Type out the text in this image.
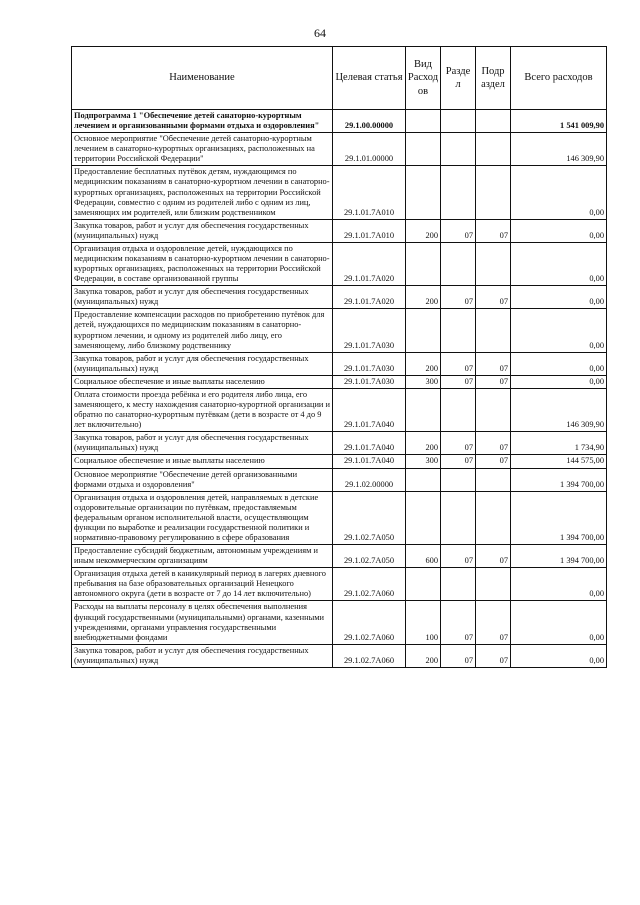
64
Наименование	Целевая статья	Вид Расход ов	Разде л	Подр аздел	Всего расходов
Подпрограмма 1 "Обеспечение детей санаторно-курортным лечением и организованными формами отдыха и оздоровления"	29.1.00.00000				1 541 009,90
Основное мероприятие "Обеспечение детей санаторно-курортным лечением в санаторно-курортных организациях, расположенных на территории Российской Федерации"	29.1.01.00000				146 309,90
Предоставление бесплатных путёвок детям, нуждающимся по медицинским показаниям в санаторно-курортном лечении в санаторно-курортных организациях, расположенных на территории Российской Федерации, совместно с одним из родителей либо с одним из лиц, заменяющих им родителей, или близким родственником	29.1.01.7А010				0,00
Закупка товаров, работ и услуг для обеспечения государственных (муниципальных) нужд	29.1.01.7А010	200	07	07	0,00
Организация отдыха и оздоровление детей, нуждающихся по медицинским показаниям в санаторно-курортном лечении в санаторно-курортных организациях, расположенных на территории Российской Федерации, в составе организованной группы	29.1.01.7А020				0,00
Закупка товаров, работ и услуг для обеспечения государственных (муниципальных) нужд	29.1.01.7А020	200	07	07	0,00
Предоставление компенсации расходов по приобретению путёвок для детей, нуждающихся по медицинским показаниям в санаторно-курортном лечении, и одному из родителей либо лицу, его заменяющему, либо близкому родственнику	29.1.01.7А030				0,00
Закупка товаров, работ и услуг для обеспечения государственных (муниципальных) нужд	29.1.01.7А030	200	07	07	0,00
Социальное обеспечение и иные выплаты населению	29.1.01.7А030	300	07	07	0,00
Оплата стоимости проезда ребёнка и его родителя либо лица, его заменяющего, к месту нахождения санаторно-курортной организации и обратно по санаторно-курортным путёвкам (дети в возрасте от 4 до 9 лет включительно)	29.1.01.7А040				146 309,90
Закупка товаров, работ и услуг для обеспечения государственных (муниципальных) нужд	29.1.01.7А040	200	07	07	1 734,90
Социальное обеспечение и иные выплаты населению	29.1.01.7А040	300	07	07	144 575,00
Основное мероприятие "Обеспечение детей организованными формами отдыха и оздоровления"	29.1.02.00000				1 394 700,00
Организация отдыха и оздоровления детей, направляемых в детские оздоровительные организации по путёвкам, предоставляемым федеральным органом исполнительной власти, осуществляющим функции по выработке и реализации государственной политики и нормативно-правовому регулированию в сфере образования	29.1.02.7А050				1 394 700,00
Предоставление субсидий бюджетным, автономным учреждениям и иным некоммерческим организациям	29.1.02.7А050	600	07	07	1 394 700,00
Организация отдыха детей в каникулярный период в лагерях дневного пребывания на базе образовательных организаций Ненецкого автономного округа (дети в возрасте от 7 до 14 лет включительно)	29.1.02.7А060				0,00
Расходы на выплаты персоналу в целях обеспечения выполнения функций государственными (муниципальными) органами, казенными учреждениями, органами управления государственными внебюджетными фондами	29.1.02.7А060	100	07	07	0,00
Закупка товаров, работ и услуг для обеспечения государственных (муниципальных) нужд	29.1.02.7А060	200	07	07	0,00
